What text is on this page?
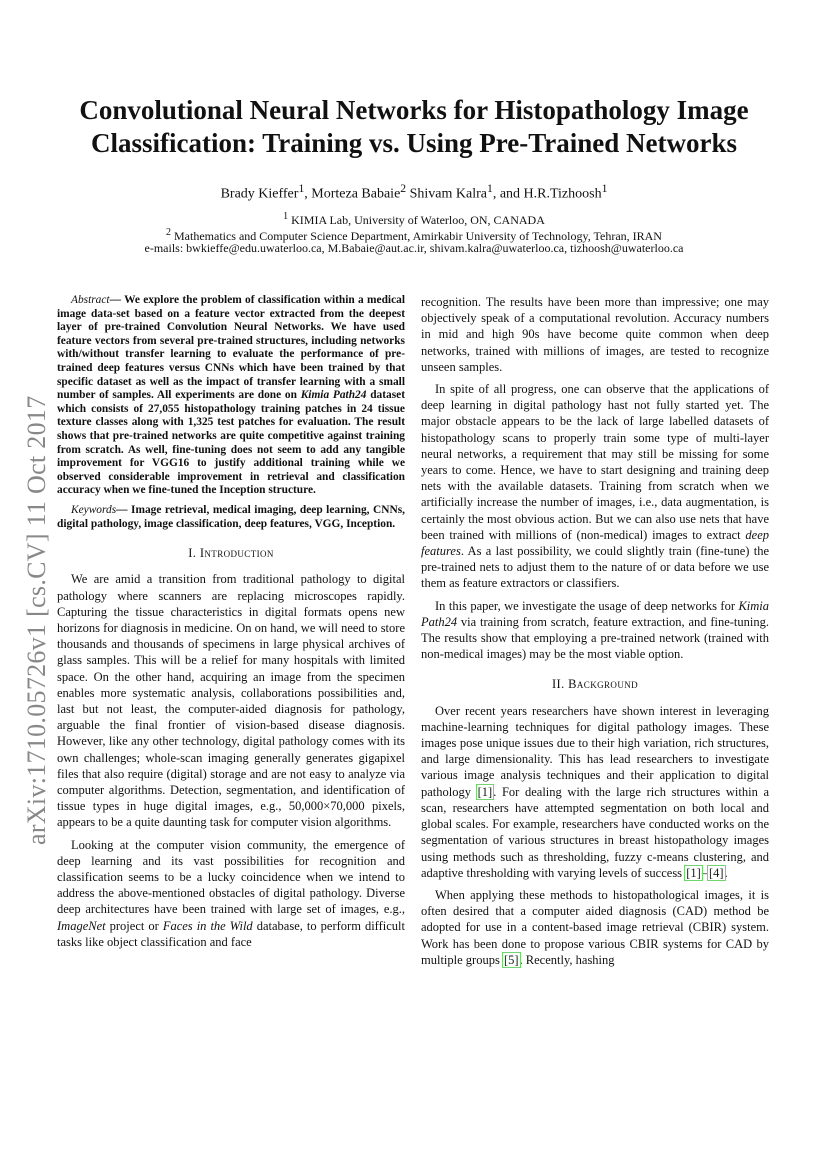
arXiv:1710.05726v1 [cs.CV] 11 Oct 2017
Convolutional Neural Networks for Histopathology Image
Classification: Training vs. Using Pre-Trained Networks
Brady Kieffer$^1$, Morteza Babaie$^2$ Shivam Kalra$^1$, and H.R.Tizhoosh$^1$
$^1$ KIMIA Lab, University of Waterloo, ON, CANADA
$^2$ Mathematics and Computer Science Department, Amirkabir University of Technology, Tehran, IRAN
e-mails: bwkieffe@edu.uwaterloo.ca, M.Babaie@aut.ac.ir, shivam.kalra@uwaterloo.ca, tizhoosh@uwaterloo.ca

Abstract— We explore the problem of classification within a medical image data-set based on a feature vector extracted from the deepest layer of pre-trained Convolution Neural Networks. We have used feature vectors from several pre-trained structures, including networks with/without transfer learning to evaluate the performance of pre-trained deep features versus CNNs which have been trained by that specific dataset as well as the impact of transfer learning with a small number of samples. All experiments are done on Kimia Path24 dataset which consists of 27,055 histopathology training patches in 24 tissue texture classes along with 1,325 test patches for evaluation. The result shows that pre-trained networks are quite competitive against training from scratch. As well, fine-tuning does not seem to add any tangible improvement for VGG16 to justify additional training while we observed considerable improvement in retrieval and classification accuracy when we fine-tuned the Inception structure.

Keywords— Image retrieval, medical imaging, deep learning, CNNs, digital pathology, image classification, deep features, VGG, Inception.

I. Introduction

We are amid a transition from traditional pathology to digital pathology where scanners are replacing microscopes rapidly. Capturing the tissue characteristics in digital formats opens new horizons for diagnosis in medicine. On on hand, we will need to store thousands and thousands of specimens in large physical archives of glass samples. This will be a relief for many hospitals with limited space. On the other hand, acquiring an image from the specimen enables more systematic analysis, collaborations possibilities and, last but not least, the computer-aided diagnosis for pathology, arguable the final frontier of vision-based disease diagnosis. However, like any other technology, digital pathology comes with its own challenges; whole-scan imaging generally generates gigapixel files that also require (digital) storage and are not easy to analyze via computer algorithms. Detection, segmentation, and identification of tissue types in huge digital images, e.g., 50,000×70,000 pixels, appears to be a quite daunting task for computer vision algorithms.

Looking at the computer vision community, the emergence of deep learning and its vast possibilities for recognition and classification seems to be a lucky coincidence when we intend to address the above-mentioned obstacles of digital pathology. Diverse deep architectures have been trained with large set of images, e.g., ImageNet project or Faces in the Wild database, to perform difficult tasks like object classification and face

recognition. The results have been more than impressive; one may objectively speak of a computational revolution. Accuracy numbers in mid and high 90s have become quite common when deep networks, trained with millions of images, are tested to recognize unseen samples.

In spite of all progress, one can observe that the applications of deep learning in digital pathology hast not fully started yet. The major obstacle appears to be the lack of large labelled datasets of histopathology scans to properly train some type of multi-layer neural networks, a requirement that may still be missing for some years to come. Hence, we have to start designing and training deep nets with the available datasets. Training from scratch when we artificially increase the number of images, i.e., data augmentation, is certainly the most obvious action. But we can also use nets that have been trained with millions of (non-medical) images to extract deep features. As a last possibility, we could slightly train (fine-tune) the pre-trained nets to adjust them to the nature of or data before we use them as feature extractors or classifiers.

In this paper, we investigate the usage of deep networks for Kimia Path24 via training from scratch, feature extraction, and fine-tuning. The results show that employing a pre-trained network (trained with non-medical images) may be the most viable option.

II. Background

Over recent years researchers have shown interest in leveraging machine-learning techniques for digital pathology images. These images pose unique issues due to their high variation, rich structures, and large dimensionality. This has lead researchers to investigate various image analysis techniques and their application to digital pathology [1]. For dealing with the large rich structures within a scan, researchers have attempted segmentation on both local and global scales. For example, researchers have conducted works on the segmentation of various structures in breast histopathology images using methods such as thresholding, fuzzy c-means clustering, and adaptive thresholding with varying levels of success [1]–[4].

When applying these methods to histopathological images, it is often desired that a computer aided diagnosis (CAD) method be adopted for use in a content-based image retrieval (CBIR) system. Work has been done to propose various CBIR systems for CAD by multiple groups [5]. Recently, hashing
